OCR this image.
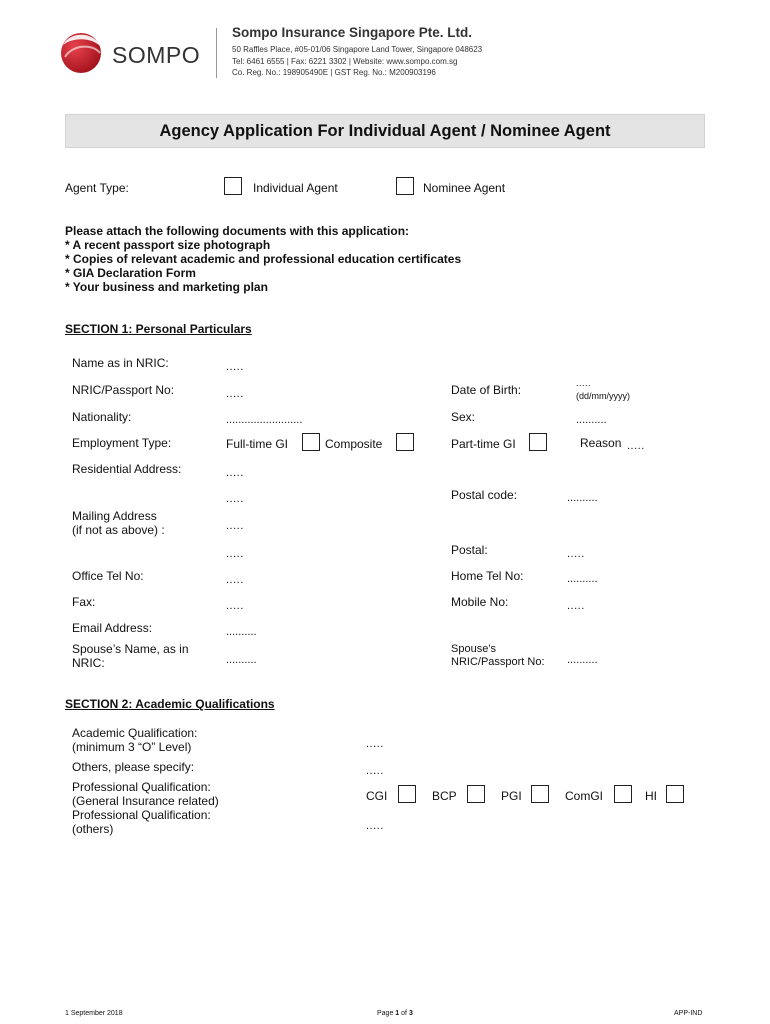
SOMPO
Sompo Insurance Singapore Pte. Ltd.
50 Raffles Place, #05-01/06 Singapore Land Tower, Singapore 048623
Tel: 6461 6555 | Fax: 6221 3302 | Website: www.sompo.com.sg
Co. Reg. No.: 198905490E | GST Reg. No.: M200903196
Agency Application For Individual Agent / Nominee Agent
Agent Type:	Individual Agent	Nominee Agent
Please attach the following documents with this application:
* A recent passport size photograph
* Copies of relevant academic and professional education certificates
* GIA Declaration Form
* Your business and marketing plan
SECTION 1: Personal Particulars
Name as in NRIC:	.....
NRIC/Passport No:	.....	Date of Birth:	.....
(dd/mm/yyyy)
Nationality:	.........................	Sex:	..........
Employment Type:	Full-time GI	Composite	Part-time GI	Reason .....
Residential Address:	.....
.....	Postal code:	..........
Mailing Address
(if not as above) :	.....
.....	Postal:	.....
Office Tel No:	.....	Home Tel No:	..........
Fax:	.....	Mobile No:	.....
Email Address:	..........
Spouse’s Name, as in
NRIC:	..........
Spouse’s
NRIC/Passport No: ..........
SECTION 2: Academic Qualifications
Academic Qualification:
(minimum 3 “O” Level)	.....
Others, please specify:	.....
Professional Qualification:
(General Insurance related)	CGI	BCP	PGI	ComGI	HI
Professional Qualification:
(others)	.....
1 September 2018	Page 1 of 3	APP-IND
